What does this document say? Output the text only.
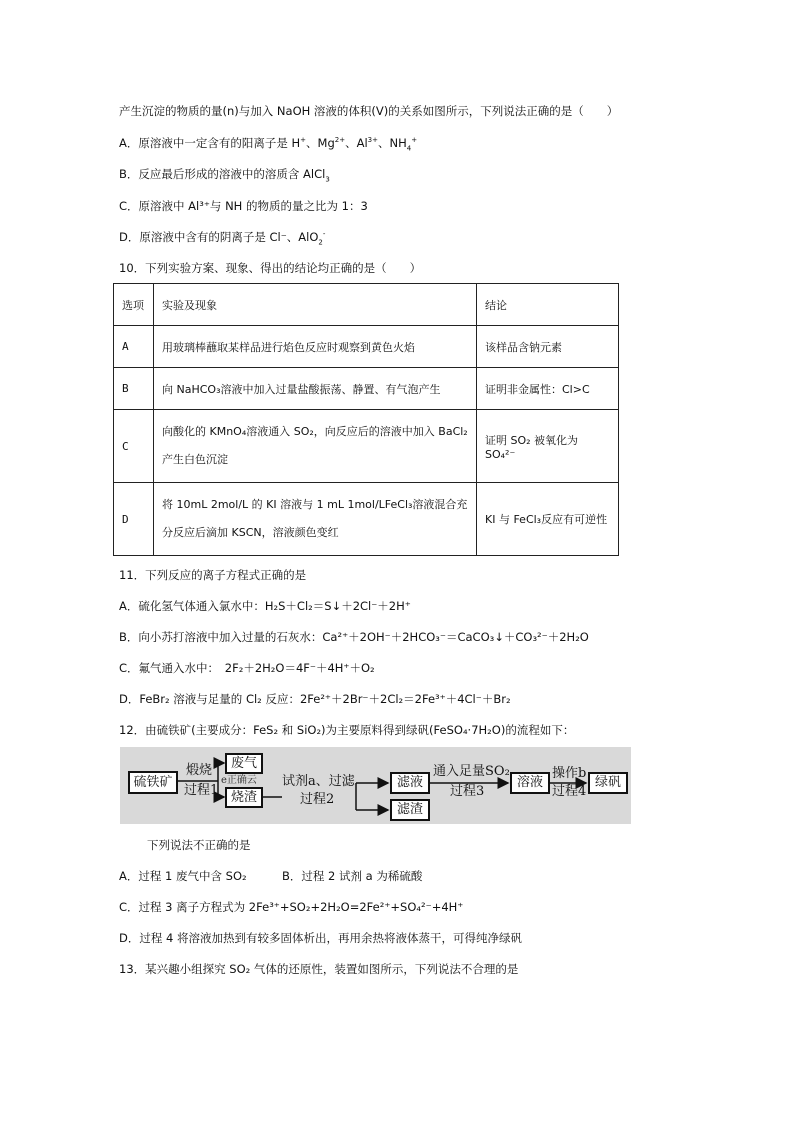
产生沉淀的物质的量(n)与加入 NaOH 溶液的体积(V)的关系如图所示，下列说法正确的是（　　）
A．原溶液中一定含有的阳离子是 H+、$Mg^{2+}$、$Al^{3+}$、$NH_4^+$
B．反应最后形成的溶液中的溶质含 AlCl$_3$
C．原溶液中 Al³⁺与 NH 的物质的量之比为 1：3
D．原溶液中含有的阴离子是 Cl⁻、AlO$_2$-
10．下列实验方案、现象、得出的结论均正确的是（　　）
选项	实验及现象	结论
A	用玻璃棒蘸取某样品进行焰色反应时观察到黄色火焰	该样品含钠元素
B	向 NaHCO₃溶液中加入过量盐酸振荡、静置、有气泡产生	证明非金属性：Cl>C
C	向酸化的 KMnO₄溶液通入 SO₂，向反应后的溶液中加入 BaCl₂
产生白色沉淀	证明 SO₂ 被氧化为 SO₄²⁻
D	将 10mL 2mol/L 的 KI 溶液与 1 mL 1mol/LFeCl₃溶液混合充
分反应后滴加 KSCN，溶液颜色变红	KI 与 FeCl₃反应有可逆性
11．下列反应的离子方程式正确的是
A．硫化氢气体通入氯水中：H₂S＋Cl₂＝S↓＋2Cl⁻＋2H⁺
B．向小苏打溶液中加入过量的石灰水：Ca²⁺＋2OH⁻＋2HCO₃⁻＝CaCO₃↓＋CO₃²⁻＋2H₂O
C．氟气通入水中：　2F₂＋2H₂O＝4F⁻＋4H⁺＋O₂
D．FeBr₂ 溶液与足量的 Cl₂ 反应：2Fe²⁺＋2Br⁻＋2Cl₂＝2Fe³⁺＋4Cl⁻＋Br₂
12．由硫铁矿(主要成分：FeS₂ 和 SiO₂)为主要原料得到绿矾(FeSO₄·7H₂O)的流程如下：
硫铁矿
煅烧
过程1
废气
烧渣
e正确云 试剂a、过滤
过程2
滤液
滤渣
通入足量SO₂
过程3
溶液
操作b
过程4
绿矾
下列说法不正确的是
A．过程 1 废气中含 SO₂	B．过程 2 试剂 a 为稀硫酸
C．过程 3 离子方程式为 2Fe³⁺+SO₂+2H₂O=2Fe²⁺+SO₄²⁻+4H⁺
D．过程 4 将溶液加热到有较多固体析出，再用余热将液体蒸干，可得纯净绿矾
13．某兴趣小组探究 SO₂ 气体的还原性，装置如图所示，下列说法不合理的是
